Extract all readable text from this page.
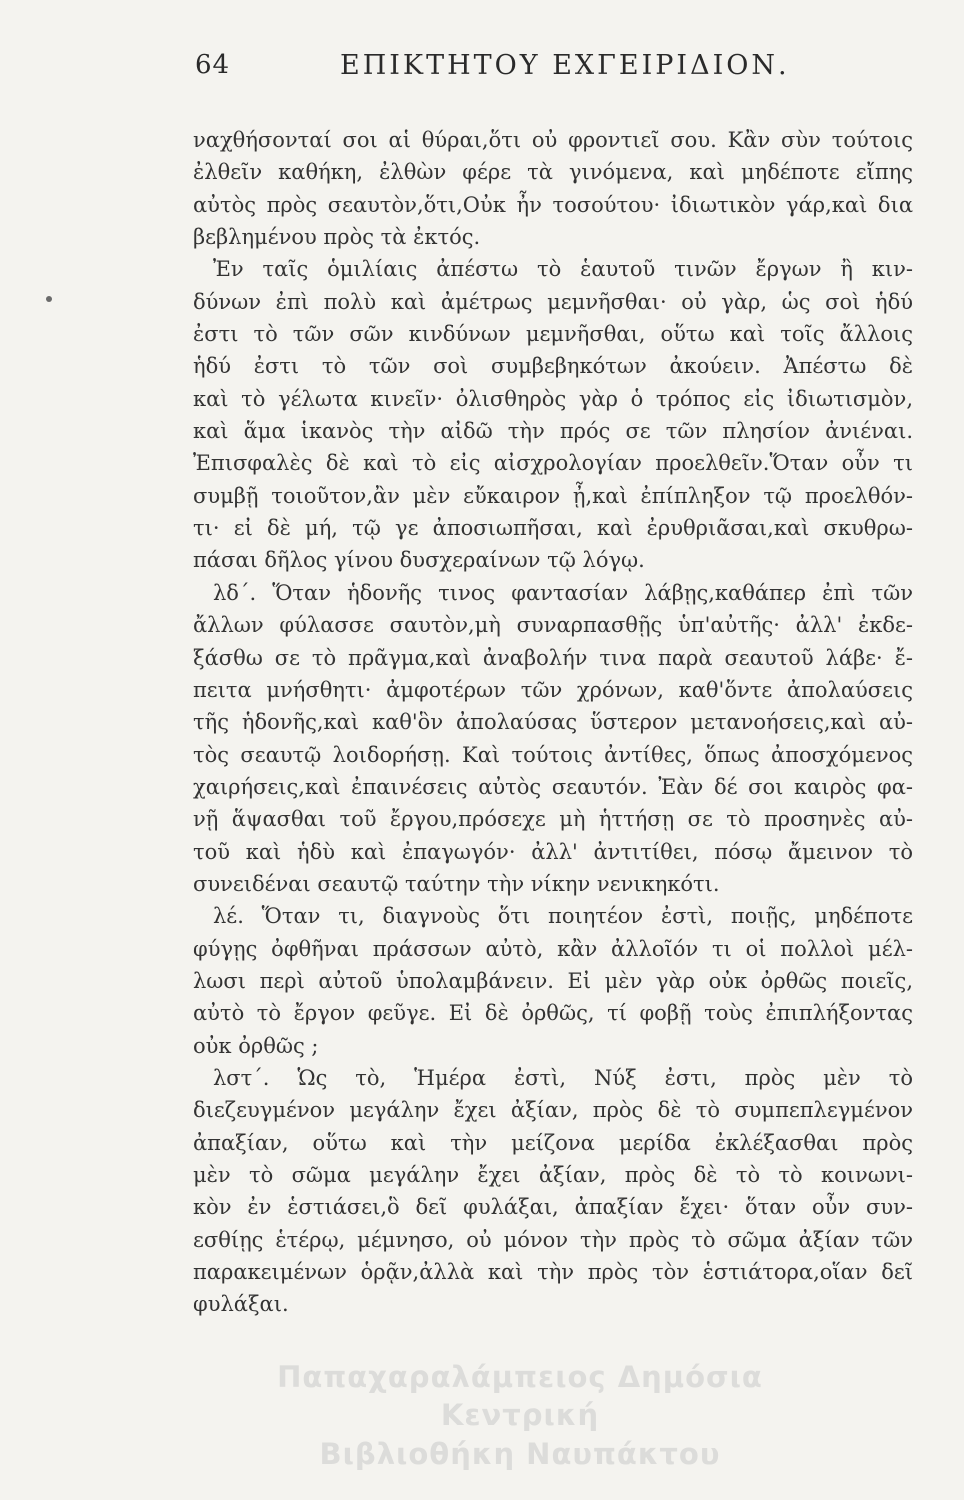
64	ΕΠΙΚΤΗΤΟΥ ΕΧΓΕΙΡΙΔΙΟΝ.
ναχθήσονταί σοι αἱ θύραι,ὅτι οὐ φροντιεῖ σου. Κἂν σὺν τούτοις
ἐλθεῖν καθήκη, ἐλθὼν φέρε τὰ γινόμενα, καὶ μηδέποτε εἴπης
αὐτὸς πρὸς σεαυτὸν,ὅτι,Οὐκ ἦν τοσούτου· ἰδιωτικὸν γάρ,καὶ δια
βεβλημένου πρὸς τὰ ἐκτός.
Ἐν ταῖς ὁμιλίαις ἀπέστω τὸ ἑαυτοῦ τινῶν ἔργων ἢ κιν-
δύνων ἐπὶ πολὺ καὶ ἀμέτρως μεμνῆσθαι· οὐ γὰρ, ὡς σοὶ ἡδύ
ἐστι τὸ τῶν σῶν κινδύνων μεμνῆσθαι, οὕτω καὶ τοῖς ἄλλοις
ἡδύ ἐστι τὸ τῶν σοὶ συμβεβηκότων ἀκούειν. Ἀπέστω δὲ
καὶ τὸ γέλωτα κινεῖν· ὀλισθηρὸς γὰρ ὁ τρόπος εἰς ἰδιωτισμὸν,
καὶ ἅμα ἱκανὸς τὴν αἰδῶ τὴν πρός σε τῶν πλησίον ἀνιέναι.
Ἐπισφαλὲς δὲ καὶ τὸ εἰς αἰσχρολογίαν προελθεῖν.Ὅταν οὖν τι
συμβῇ τοιοῦτον,ἂν μὲν εὔκαιρον ᾖ,καὶ ἐπίπληξον τῷ προελθόν-
τι· εἰ δὲ μή, τῷ γε ἀποσιωπῆσαι, καὶ ἐρυθριᾶσαι,καὶ σκυθρω-
πάσαι δῆλος γίνου δυσχεραίνων τῷ λόγῳ.
λδ΄. Ὅταν ἡδονῆς τινος φαντασίαν λάβῃς,καθάπερ ἐπὶ τῶν
ἄλλων φύλασσε σαυτὸν,μὴ συναρπασθῇς ὑπ'αὐτῆς· ἀλλ' ἐκδε-
ξάσθω σε τὸ πρᾶγμα,καὶ ἀναβολήν τινα παρὰ σεαυτοῦ λάβε· ἔ-
πειτα μνήσθητι· ἀμφοτέρων τῶν χρόνων, καθ'ὅντε ἀπολαύσεις
τῆς ἡδονῆς,καὶ καθ'ὃν ἀπολαύσας ὕστερον μετανοήσεις,καὶ αὐ-
τὸς σεαυτῷ λοιδορήσῃ. Καὶ τούτοις ἀντίθες, ὅπως ἀποσχόμενος
χαιρήσεις,καὶ ἐπαινέσεις αὐτὸς σεαυτόν. Ἐὰν δέ σοι καιρὸς φα-
νῇ ἅψασθαι τοῦ ἔργου,πρόσεχε μὴ ἡττήσῃ σε τὸ προσηνὲς αὐ-
τοῦ καὶ ἡδὺ καὶ ἐπαγωγόν· ἀλλ' ἀντιτίθει, πόσῳ ἄμεινον τὸ
συνειδέναι σεαυτῷ ταύτην τὴν νίκην νενικηκότι.
λέ. Ὅταν τι, διαγνοὺς ὅτι ποιητέον ἐστὶ, ποιῇς, μηδέποτε
φύγῃς ὀφθῆναι πράσσων αὐτὸ, κἂν ἀλλοῖόν τι οἱ πολλοὶ μέλ-
λωσι περὶ αὐτοῦ ὑπολαμβάνειν. Εἰ μὲν γὰρ οὐκ ὀρθῶς ποιεῖς,
αὐτὸ τὸ ἔργον φεῦγε. Εἰ δὲ ὀρθῶς, τί φοβῇ τοὺς ἐπιπλήξοντας
οὐκ ὀρθῶς ;
λστ΄. Ὡς τὸ, Ἡμέρα ἐστὶ, Νύξ ἐστι, πρὸς μὲν τὸ
διεζευγμένον μεγάλην ἔχει ἀξίαν, πρὸς δὲ τὸ συμπεπλεγμένον
ἀπαξίαν, οὕτω καὶ τὴν μείζονα μερίδα ἐκλέξασθαι πρὸς
μὲν τὸ σῶμα μεγάλην ἔχει ἀξίαν, πρὸς δὲ τὸ τὸ κοινωνι-
κὸν ἐν ἑστιάσει,ὃ δεῖ φυλάξαι, ἀπαξίαν ἔχει· ὅταν οὖν συν-
εσθίῃς ἑτέρῳ, μέμνησο, οὐ μόνον τὴν πρὸς τὸ σῶμα ἀξίαν τῶν
παρακειμένων ὁρᾷν,ἀλλὰ καὶ τὴν πρὸς τὸν ἑστιάτορα,οἵαν δεῖ
φυλάξαι.
Παπαχαραλάμπειος Δημόσια Κεντρική
Βιβλιοθήκη Ναυπάκτου
